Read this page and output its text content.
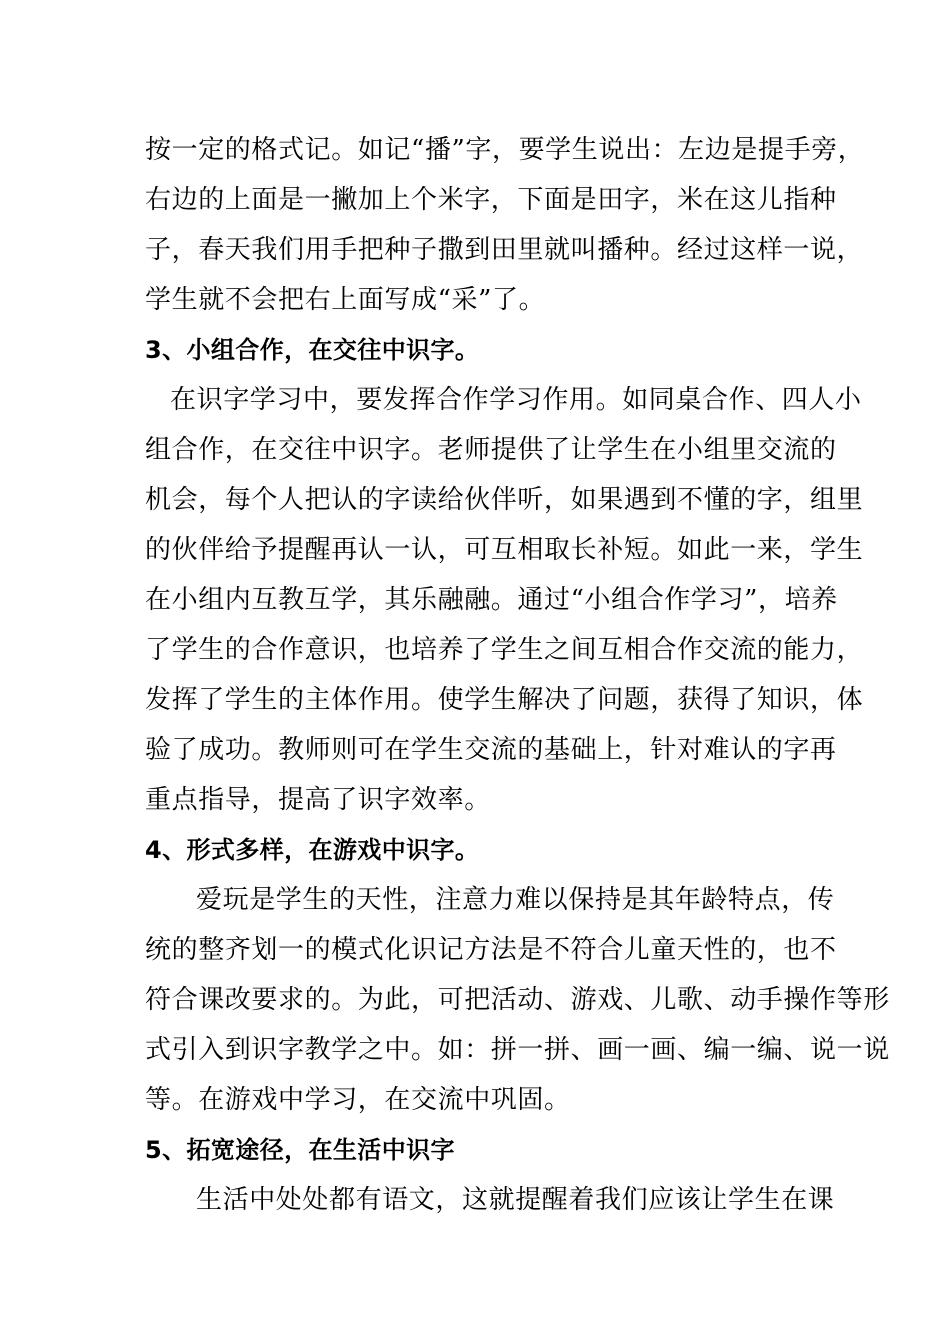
按一定的格式记。如记“播”字，要学生说出：左边是提手旁，
右边的上面是一撇加上个米字，下面是田字，米在这儿指种
子，春天我们用手把种子撒到田里就叫播种。经过这样一说，
学生就不会把右上面写成“采”了。
3、小组合作，在交往中识字。
在识字学习中，要发挥合作学习作用。如同桌合作、四人小
组合作，在交往中识字。老师提供了让学生在小组里交流的
机会，每个人把认的字读给伙伴听，如果遇到不懂的字，组里
的伙伴给予提醒再认一认，可互相取长补短。如此一来，学生
在小组内互教互学，其乐融融。通过“小组合作学习”，培养
了学生的合作意识，也培养了学生之间互相合作交流的能力，
发挥了学生的主体作用。使学生解决了问题，获得了知识，体
验了成功。教师则可在学生交流的基础上，针对难认的字再
重点指导，提高了识字效率。
4、形式多样，在游戏中识字。
爱玩是学生的天性，注意力难以保持是其年龄特点，传
统的整齐划一的模式化识记方法是不符合儿童天性的，也不
符合课改要求的。为此，可把活动、游戏、儿歌、动手操作等形
式引入到识字教学之中。如：拼一拼、画一画、编一编、说一说
等。在游戏中学习，在交流中巩固。
5、拓宽途径，在生活中识字
生活中处处都有语文，这就提醒着我们应该让学生在课
